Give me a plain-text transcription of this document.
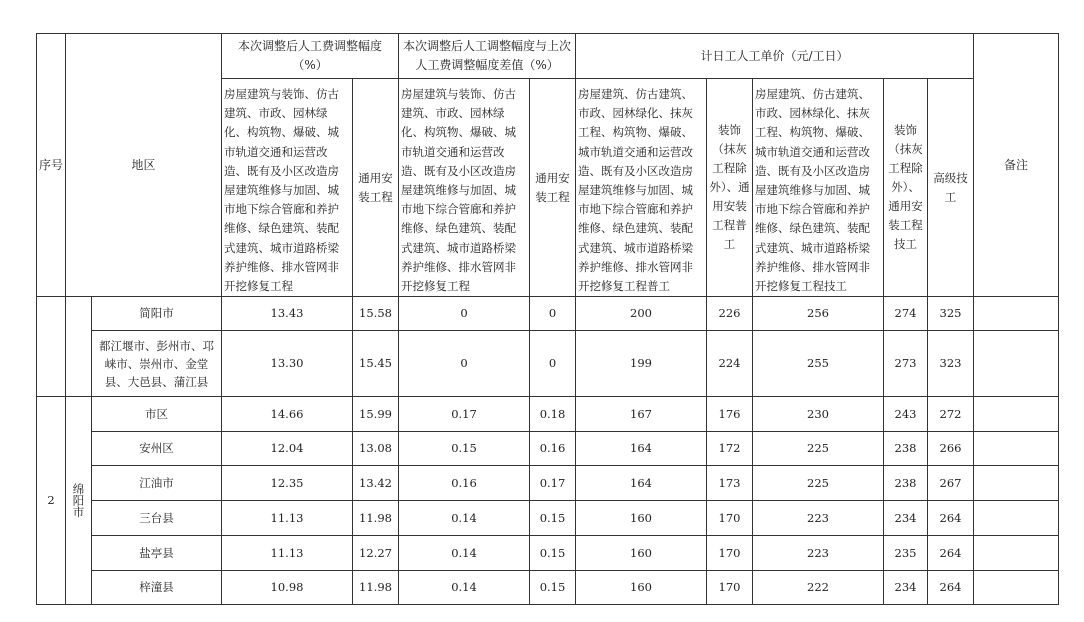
序号	地区		本次调整后人工费调整幅度（%）		本次调整后人工调整幅度与上次人工费调整幅度差值（%）		计日工人工单价（元/工日）					备注
			房屋建筑与装饰、仿古建筑、市政、园林绿化、构筑物、爆破、城市轨道交通和运营改造、既有及小区改造房屋建筑维修与加固、城市地下综合管廊和养护维修、绿色建筑、装配式建筑、城市道路桥梁养护维修、排水管网非开挖修复工程	通用安装工程	房屋建筑与装饰、仿古建筑、市政、园林绿化、构筑物、爆破、城市轨道交通和运营改造、既有及小区改造房屋建筑维修与加固、城市地下综合管廊和养护维修、绿色建筑、装配式建筑、城市道路桥梁养护维修、排水管网非开挖修复工程	通用安装工程	房屋建筑、仿古建筑、市政、园林绿化、抹灰工程、构筑物、爆破、城市轨道交通和运营改造、既有及小区改造房屋建筑维修与加固、城市地下综合管廊和养护维修、绿色建筑、装配式建筑、城市道路桥梁养护维修、排水管网非开挖修复工程普工	装饰（抹灰工程除外）、通用安装工程普工	房屋建筑、仿古建筑、市政、园林绿化、抹灰工程、构筑物、爆破、城市轨道交通和运营改造、既有及小区改造房屋建筑维修与加固、城市地下综合管廊和养护维修、绿色建筑、装配式建筑、城市道路桥梁养护维修、排水管网非开挖修复工程技工	装饰（抹灰工程除外）、通用安装工程技工	高级技工	
		简阳市	13.43	15.58	0	0	200	226	256	274	325	
		都江堰市、彭州市、邛崃市、崇州市、金堂县、大邑县、蒲江县	13.30	15.45	0	0	199	224	255	273	323	
2	绵阳市	市区	14.66	15.99	0.17	0.18	167	176	230	243	272	
		安州区	12.04	13.08	0.15	0.16	164	172	225	238	266	
		江油市	12.35	13.42	0.16	0.17	164	173	225	238	267	
		三台县	11.13	11.98	0.14	0.15	160	170	223	234	264	
		盐亭县	11.13	12.27	0.14	0.15	160	170	223	235	264	
		梓潼县	10.98	11.98	0.14	0.15	160	170	222	234	264	
